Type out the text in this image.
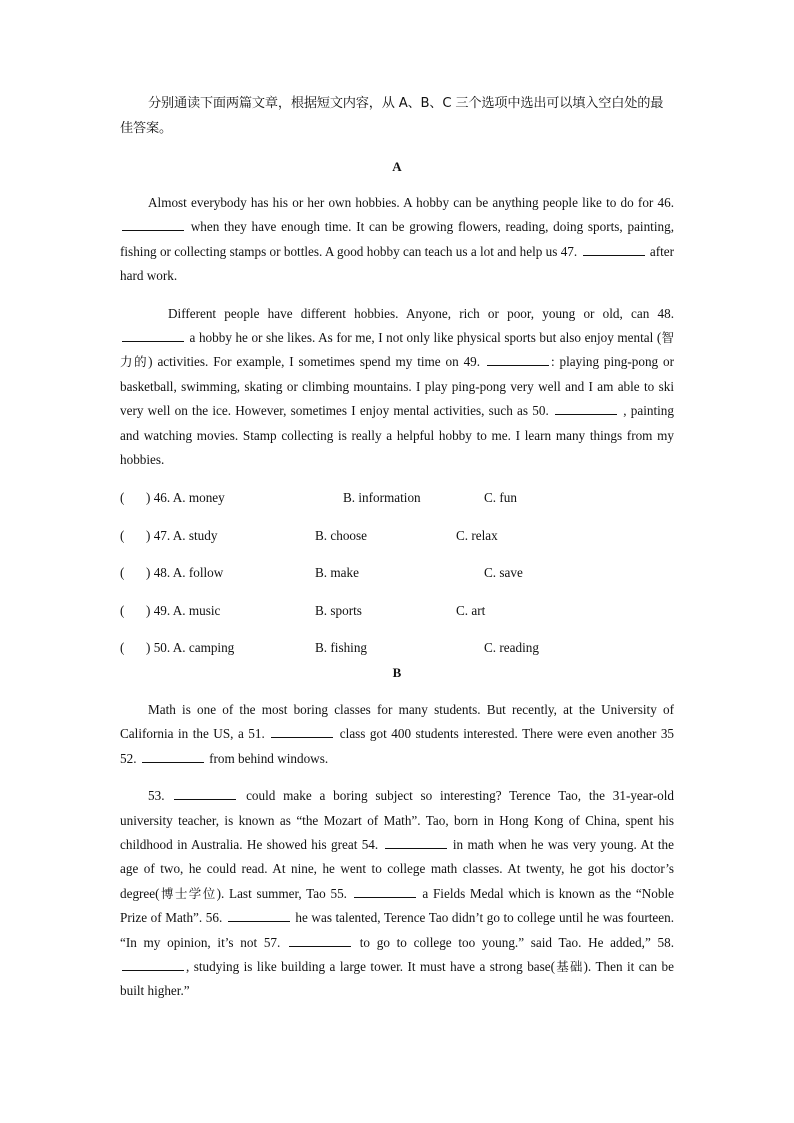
分别通读下面两篇文章，根据短文内容，从 A、B、C 三个选项中选出可以填入空白处的最佳答案。

A

Almost everybody has his or her own hobbies. A hobby can be anything people like to do for 46.  when they have enough time. It can be growing flowers, reading, doing sports, painting, fishing or collecting stamps or bottles. A good hobby can teach us a lot and help us 47.	after hard work.

Different people have different hobbies. Anyone, rich or poor, young or old, can 48.  a hobby he or she likes. As for me, I not only like physical sports but also enjoy mental (智力的) activities. For example, I sometimes spend my time on 49.	: playing ping-pong or basketball, swimming, skating or climbing mountains. I play ping-pong very well and I am able to ski very well on the ice. However, sometimes I enjoy mental activities, such as 50.	, painting and watching movies. Stamp collecting is really a helpful hobby to me. I learn many things from my hobbies.

( ) 46. A. money	B. information	C. fun
( ) 47. A. study	B. choose	C. relax
( ) 48. A. follow	B. make	C. save
( ) 49. A. music	B. sports	C. art
( ) 50. A. camping	B. fishing	C. reading

B

Math is one of the most boring classes for many students. But recently, at the University of California in the US, a 51.	class got 400 students interested. There were even another 35 52.	from behind windows.

53.	could make a boring subject so interesting? Terence Tao, the 31-year-old university teacher, is known as “the Mozart of Math”. Tao, born in Hong Kong of China, spent his childhood in Australia. He showed his great 54.	in math when he was very young. At the age of two, he could read. At nine, he went to college math classes. At twenty, he got his doctor’s degree(博士学位). Last summer, Tao 55.	a Fields Medal which is known as the “Noble Prize of Math”. 56.	he was talented, Terence Tao didn’t go to college until he was fourteen. “In my opinion, it’s not 57.	to go to college too young.” said Tao. He added,” 58. , studying is like building a large tower. It must have a strong base(基础). Then it can be built higher.”
